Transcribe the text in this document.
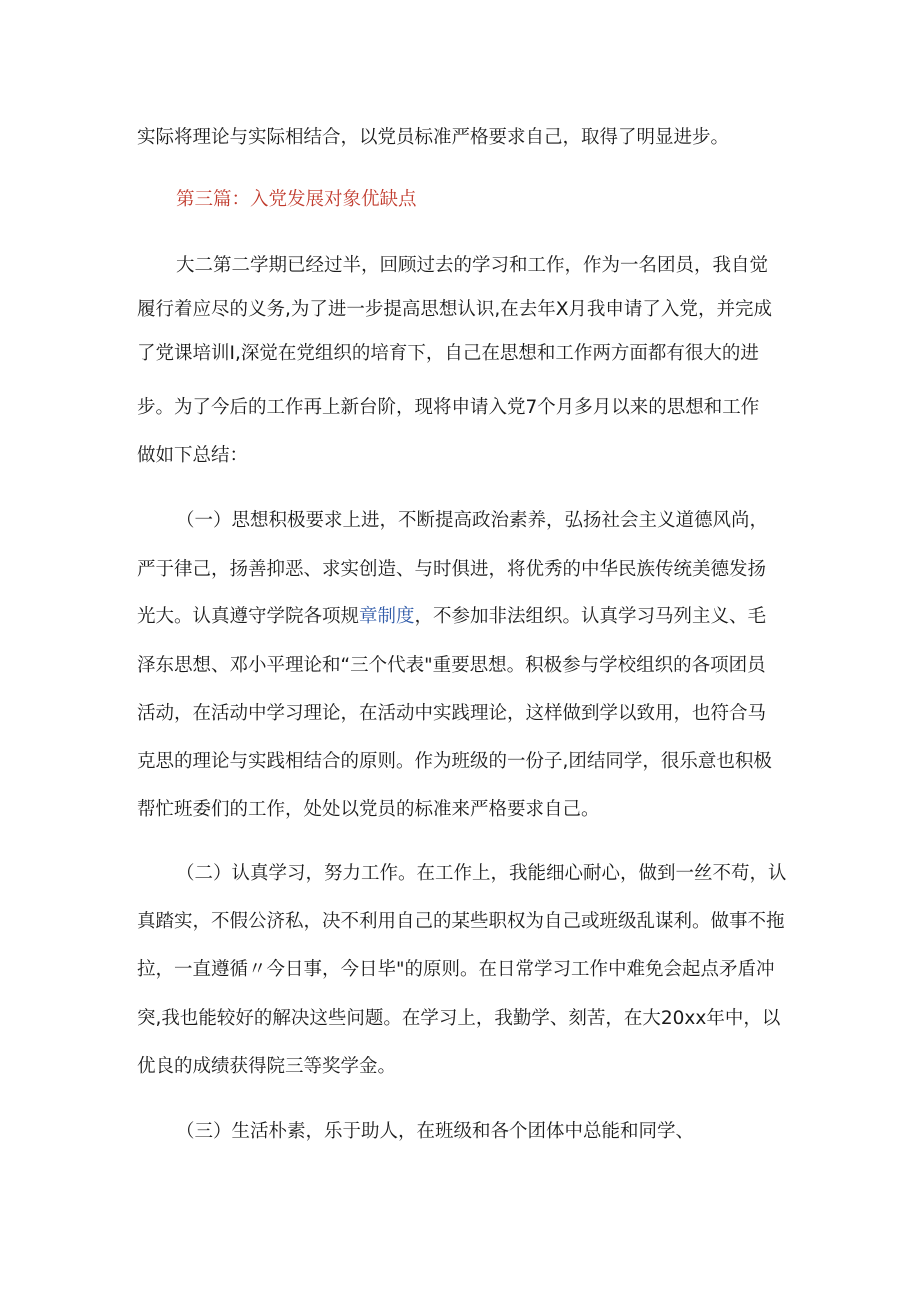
实际将理论与实际相结合，以党员标准严格要求自己，取得了明显进步。
第三篇：入党发展对象优缺点
大二第二学期已经过半，回顾过去的学习和工作，作为一名团员，我自觉
履行着应尽的义务,为了进一步提高思想认识,在去年X月我申请了入党，并完成
了党课培训I,深觉在党组织的培育下，自己在思想和工作两方面都有很大的进
步。为了今后的工作再上新台阶，现将申请入党7个月多月以来的思想和工作
做如下总结：
（一）思想积极要求上进，不断提高政治素养，弘扬社会主义道德风尚，
严于律己，扬善抑恶、求实创造、与时俱进，将优秀的中华民族传统美德发扬
光大。认真遵守学院各项规章制度，不参加非法组织。认真学习马列主义、毛
泽东思想、邓小平理论和“三个代表"重要思想。积极参与学校组织的各项团员
活动，在活动中学习理论，在活动中实践理论，这样做到学以致用，也符合马
克思的理论与实践相结合的原则。作为班级的一份子,团结同学，很乐意也积极
帮忙班委们的工作，处处以党员的标准来严格要求自己。
（二）认真学习，努力工作。在工作上，我能细心耐心，做到一丝不苟，认
真踏实，不假公济私，决不利用自己的某些职权为自己或班级乱谋利。做事不拖
拉，一直遵循〃今日事，今日毕"的原则。在日常学习工作中难免会起点矛盾冲
突,我也能较好的解决这些问题。在学习上，我勤学、刻苦，在大20xx年中，以
优良的成绩获得院三等奖学金。
（三）生活朴素，乐于助人，在班级和各个团体中总能和同学、
